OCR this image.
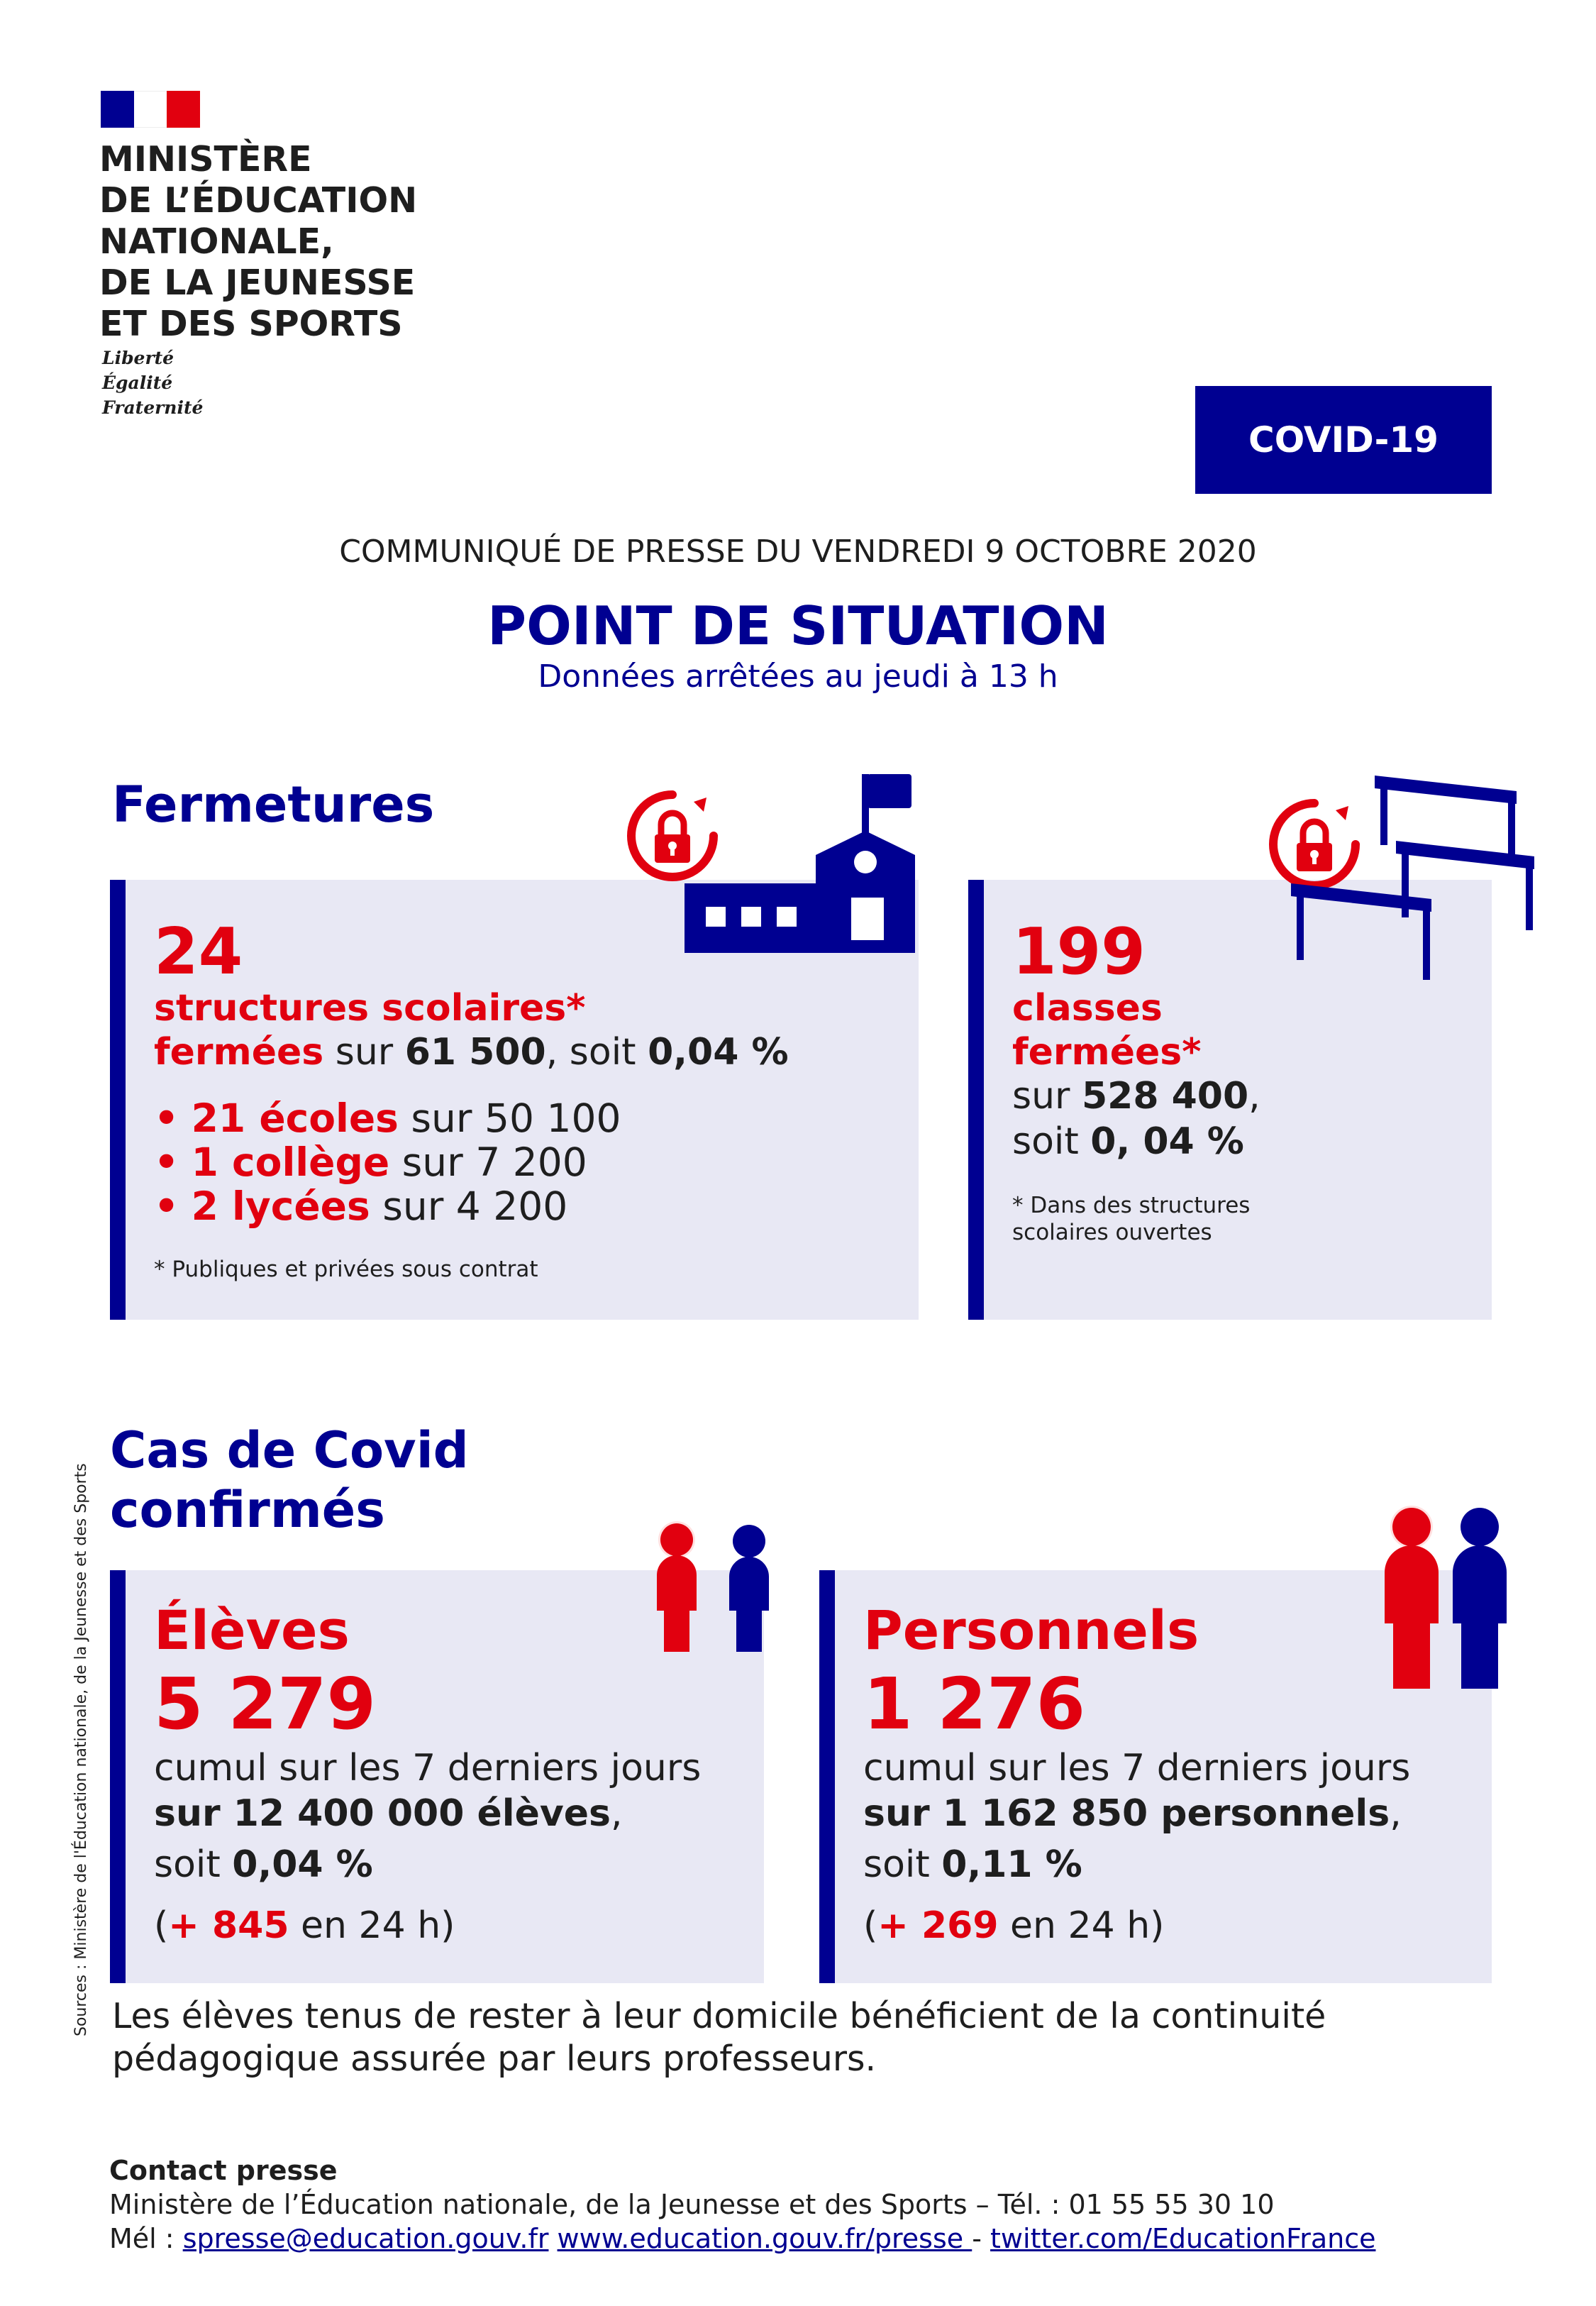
MINISTÈRE
DE L’ÉDUCATION
NATIONALE,
DE LA JEUNESSE
ET DES SPORTS
Liberté
Égalité
Fraternité
COVID-19
COMMUNIQUÉ DE PRESSE DU VENDREDI 9 OCTOBRE 2020
POINT DE SITUATION
Données arrêtées au jeudi à 13 h
Fermetures
24
structures scolaires*
fermées sur 61 500, soit 0,04 %
• 21 écoles sur 50 100
• 1 collège sur 7 200
• 2 lycées sur 4 200
* Publiques et privées sous contrat
199
classes
fermées*
sur 528 400,
soit 0, 04 %
* Dans des structures
scolaires ouvertes
Cas de Covid
confirmés
Élèves
5 279
cumul sur les 7 derniers jours
sur 12 400 000 élèves,
soit 0,04 %
(+ 845 en 24 h)
Personnels
1 276
cumul sur les 7 derniers jours
sur 1 162 850 personnels,
soit 0,11 %
(+ 269 en 24 h)
Sources : Ministère de l'Éducation nationale, de la Jeunesse et des Sports Les élèves tenus de rester à leur domicile bénéficient de la continuité pédagogique assurée par leurs professeurs.
Contact presse
Ministère de l’Éducation nationale, de la Jeunesse et des Sports – Tél. : 01 55 55 30 10
Mél : spresse@education.gouv.fr www.education.gouv.fr/presse - twitter.com/EducationFrance
